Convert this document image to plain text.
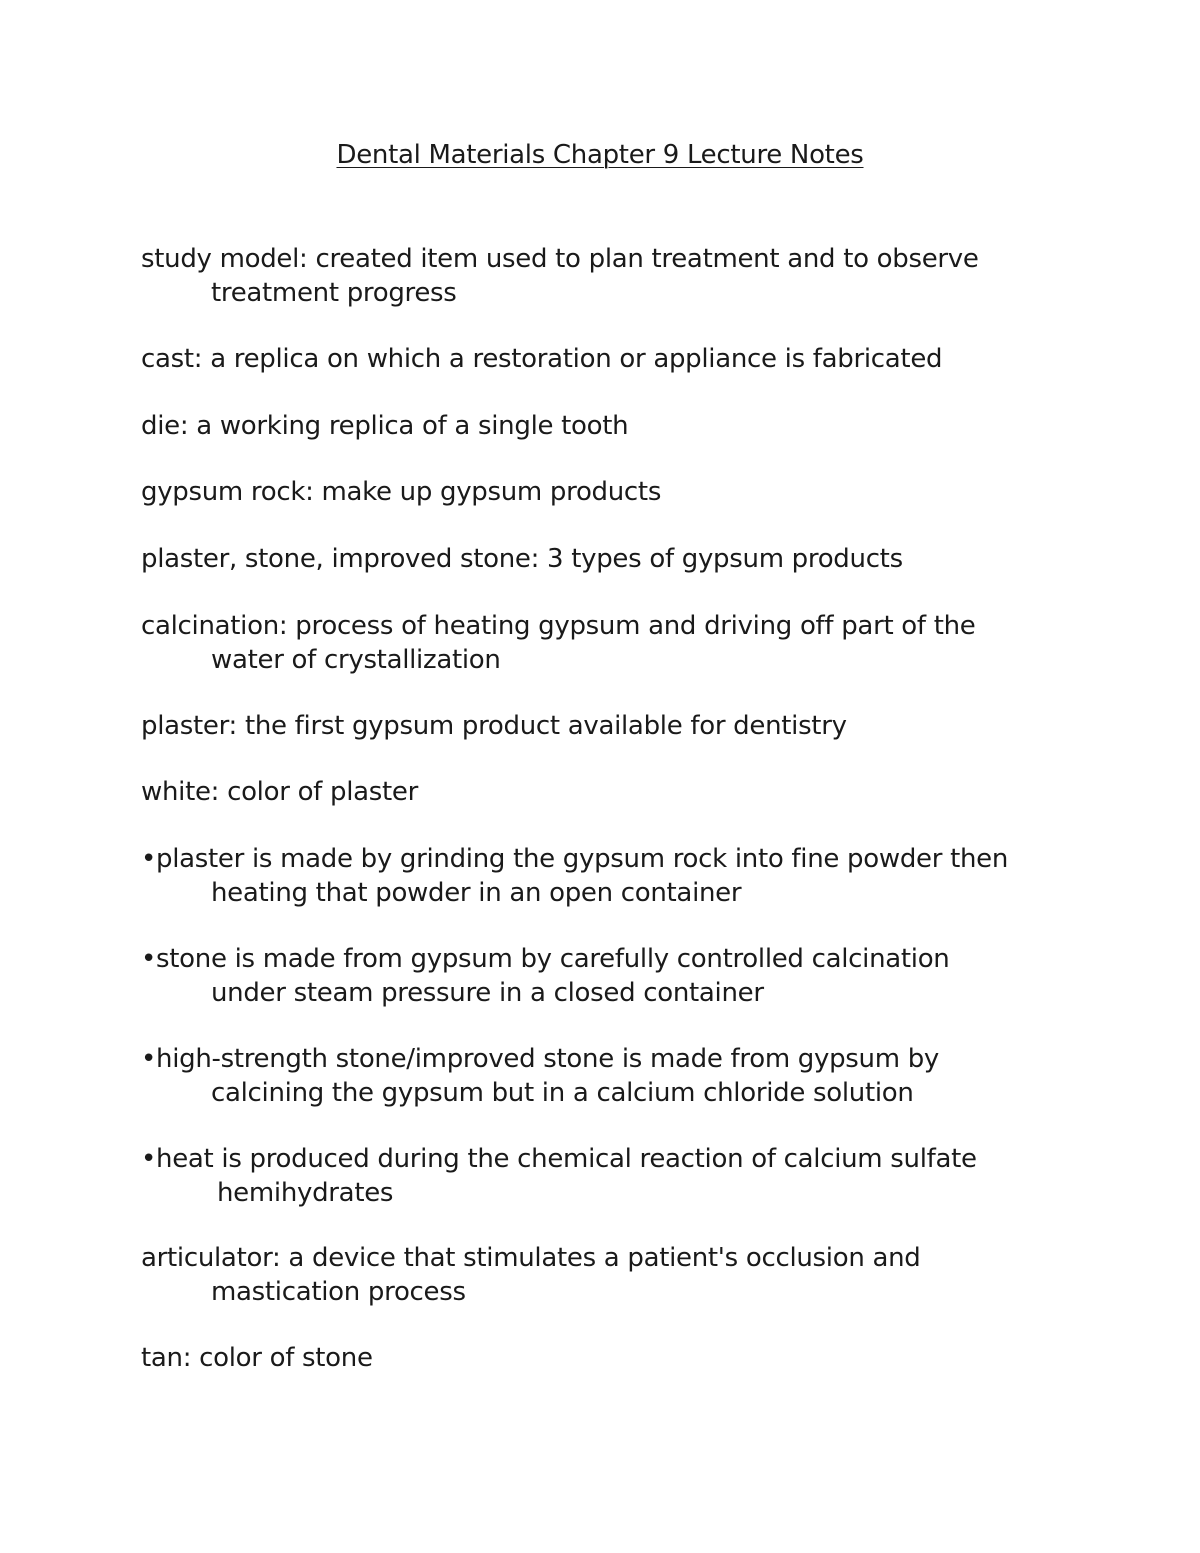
Dental Materials Chapter 9 Lecture Notes

study model: created item used to plan treatment and to observe
treatment progress

cast: a replica on which a restoration or appliance is fabricated

die: a working replica of a single tooth

gypsum rock: make up gypsum products

plaster, stone, improved stone: 3 types of gypsum products

calcination: process of heating gypsum and driving off part of the
water of crystallization

plaster: the first gypsum product available for dentistry

white: color of plaster

•plaster is made by grinding the gypsum rock into fine powder then
heating that powder in an open container

•stone is made from gypsum by carefully controlled calcination
under steam pressure in a closed container

•high-strength stone/improved stone is made from gypsum by
calcining the gypsum but in a calcium chloride solution

•heat is produced during the chemical reaction of calcium sulfate
hemihydrates

articulator: a device that stimulates a patient's occlusion and
mastication process

tan: color of stone
